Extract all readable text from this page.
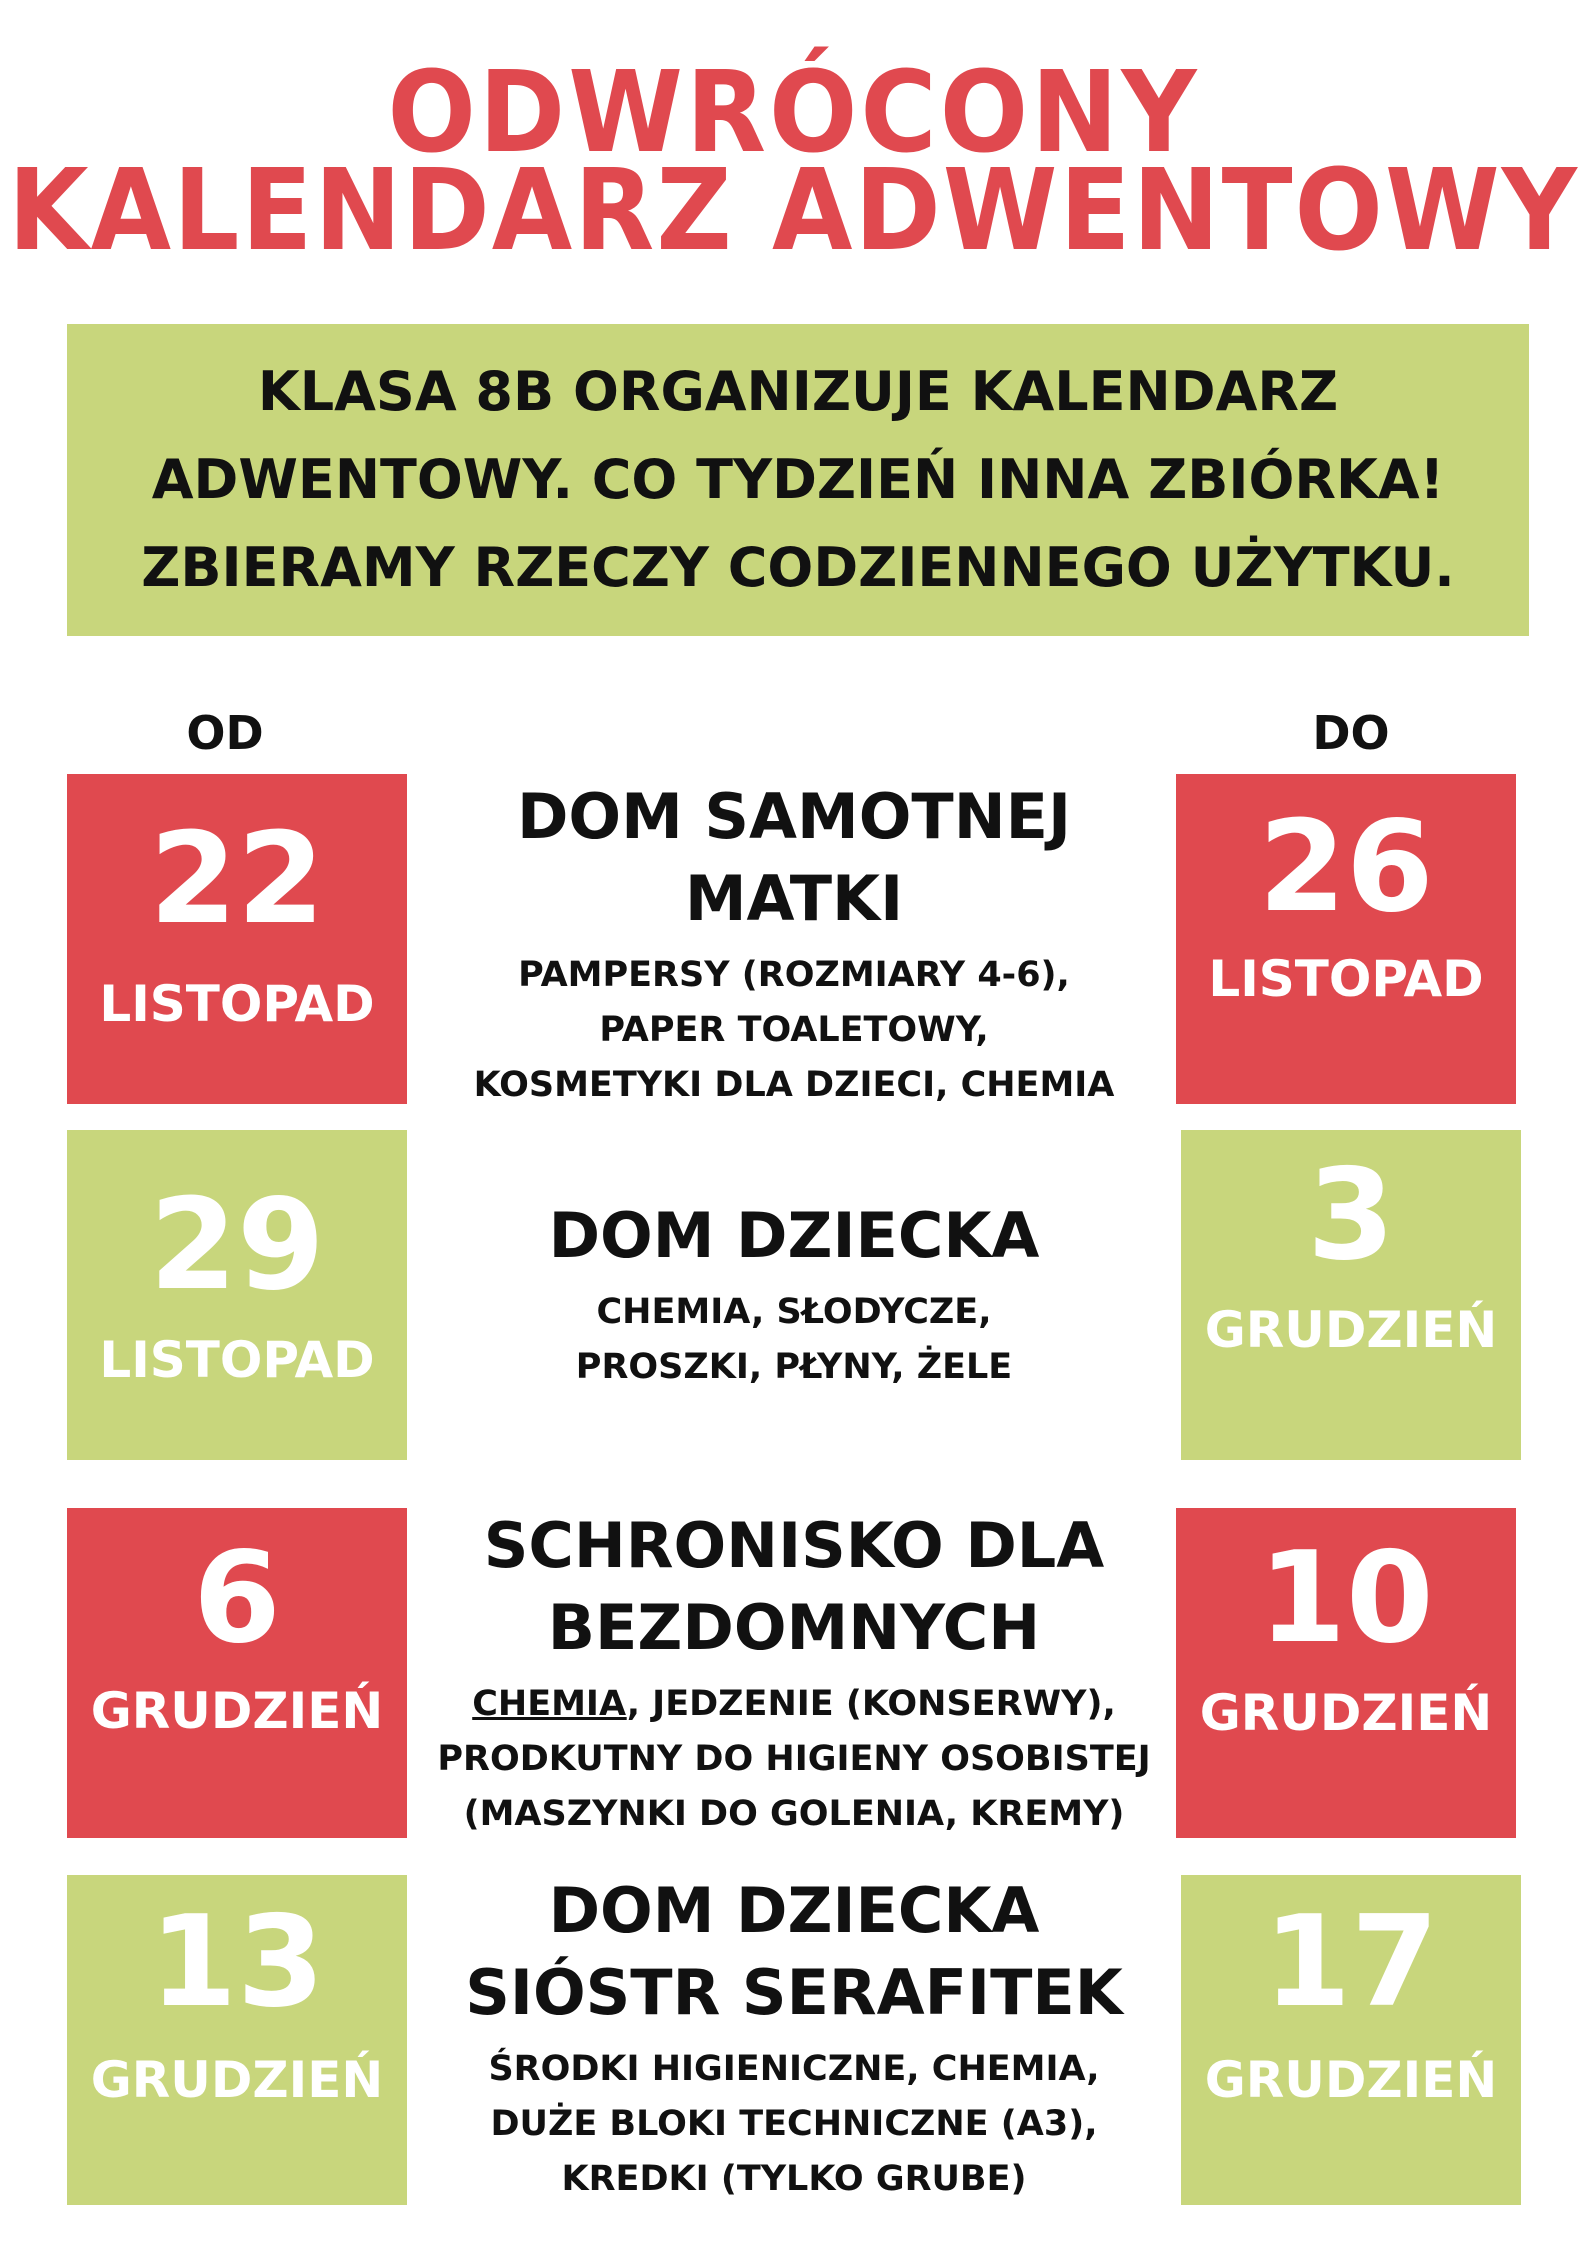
ODWRÓCONY
KALENDARZ ADWENTOWY
KLASA 8B ORGANIZUJE KALENDARZ
ADWENTOWY. CO TYDZIEŃ INNA ZBIÓRKA!
ZBIERAMY RZECZY CODZIENNEGO UŻYTKU.
OD	DO
22
LISTOPAD
DOM SAMOTNEJ
MATKI
PAMPERSY (ROZMIARY 4-6),
PAPER TOALETOWY,
KOSMETYKI DLA DZIECI, CHEMIA
26
LISTOPAD
29
LISTOPAD
DOM DZIECKA
CHEMIA, SŁODYCZE,
PROSZKI, PŁYNY, ŻELE
3
GRUDZIEŃ
6
GRUDZIEŃ
SCHRONISKO DLA
BEZDOMNYCH
CHEMIA, JEDZENIE (KONSERWY),
PRODKUTNY DO HIGIENY OSOBISTEJ
(MASZYNKI DO GOLENIA, KREMY)
10
GRUDZIEŃ
13
GRUDZIEŃ
DOM DZIECKA
SIÓSTR SERAFITEK
ŚRODKI HIGIENICZNE, CHEMIA,
DUŻE BLOKI TECHNICZNE (A3),
KREDKI (TYLKO GRUBE)
17
GRUDZIEŃ
